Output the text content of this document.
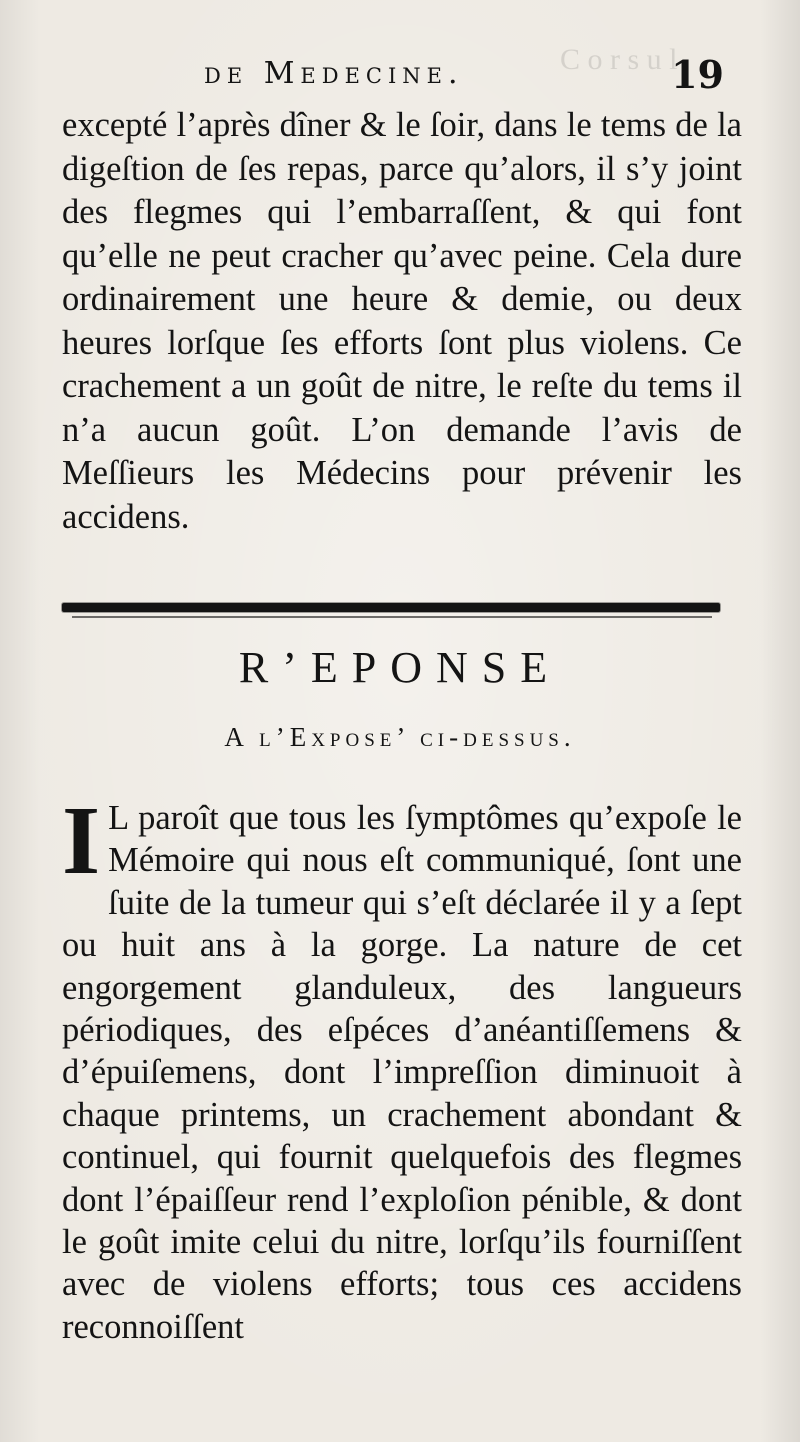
C o r s u l
de Medecine.	19
excepté l’après dîner & le ſoir, dans le tems de la digeſtion de ſes repas, parce qu’alors, il s’y joint des flegmes qui l’embarraſſent, & qui font qu’elle ne peut cracher qu’avec peine. Cela dure ordinairement une heure & demie, ou deux heures lorſque ſes efforts ſont plus violens. Ce crachement a un goût de nitre, le reſte du tems il n’a aucun goût. L’on demande l’avis de Meſſieurs les Médecins pour prévenir les accidens.
R’EPONSE
A l’Expose’ ci-dessus.
I L paroît que tous les ſymptômes qu’expoſe le Mémoire qui nous eſt communiqué, ſont une ſuite de la tumeur qui s’eſt déclarée il y a ſept ou huit ans à la gorge. La nature de cet engorgement glanduleux, des langueurs périodiques, des eſpéces d’anéantiſſemens & d’épuiſemens, dont l’impreſſion diminuoit à chaque printems, un crachement abondant & continuel, qui fournit quelquefois des flegmes dont l’épaiſſeur rend l’exploſion pénible, & dont le goût imite celui du nitre, lorſqu’ils fourniſſent avec de violens efforts; tous ces accidens reconnoiſſent
